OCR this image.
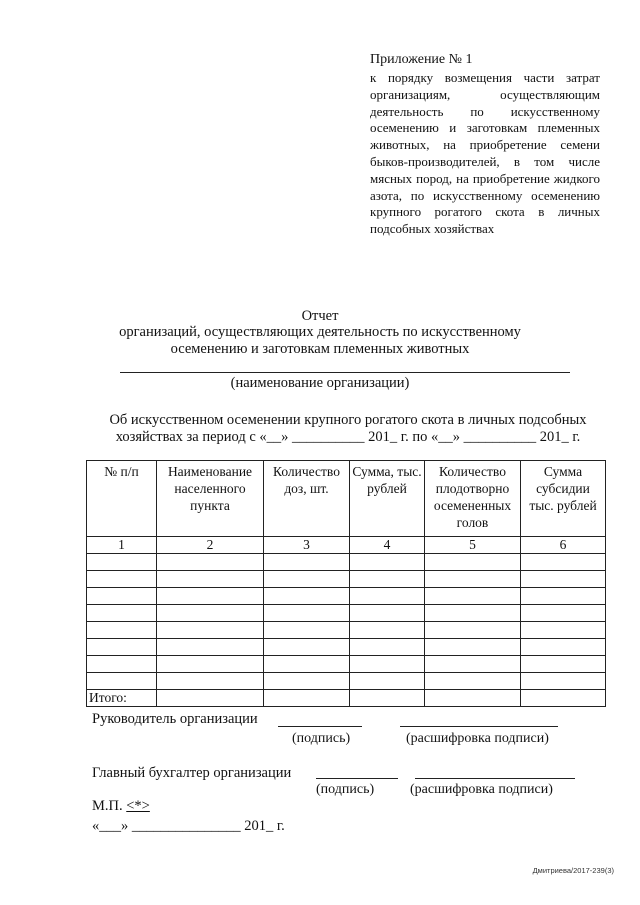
Приложение № 1
к порядку возмещения части затрат организациям, осуществляющим деятельность по искусственному осеменению и заготовкам племенных животных, на приобретение семени быков-производителей, в том числе мясных пород, на приобретение жидкого азота, по искусственному осеменению крупного рогатого скота в личных подсобных хозяйствах
Отчет
организаций, осуществляющих деятельность по искусственному осеменению и заготовкам племенных животных
(наименование организации)
Об искусственном осеменении крупного рогатого скота в личных подсобных хозяйствах за период с «__» __________ 201_ г. по «__» __________ 201_ г.
№ п/п	Наименование населенного пункта	Количество доз, шт.	Сумма, тыс. рублей	Количество плодотворно осемененных голов	Сумма субсидии тыс. рублей
1	2	3	4	5	6

Итого:					
Руководитель организации
(подпись)	(расшифровка подписи)
Главный бухгалтер организации
(подпись)	(расшифровка подписи)
М.П. <*>
«___» _______________ 201_ г.
Дмитриева/2017-239(3)
